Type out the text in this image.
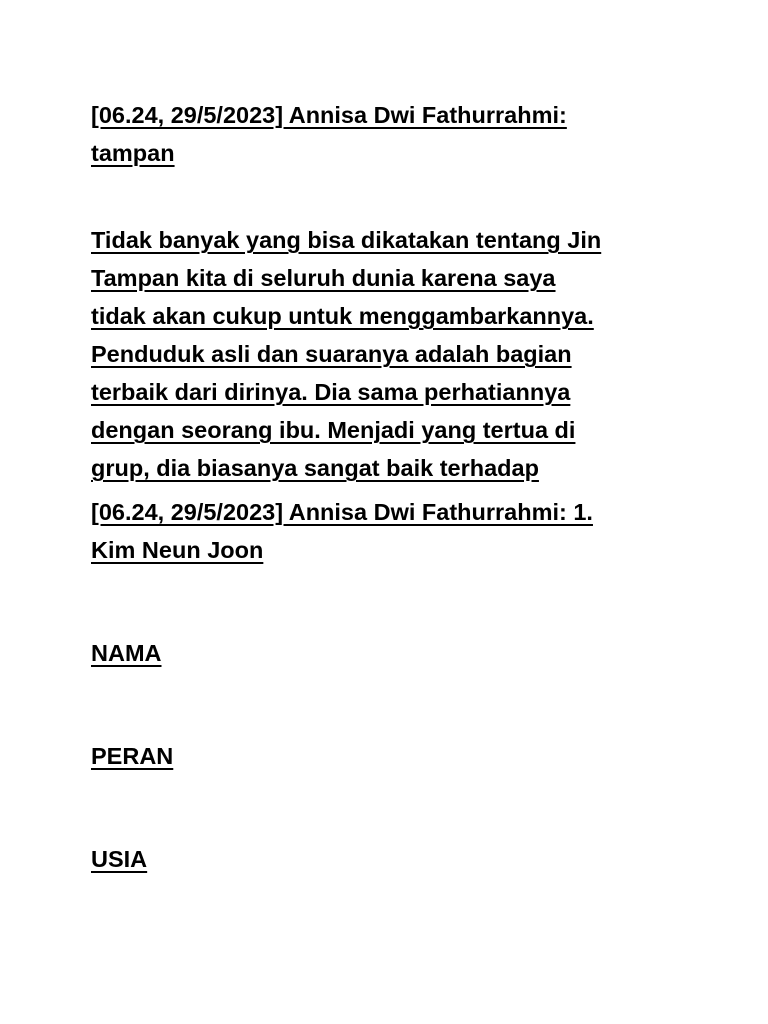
[06.24, 29/5/2023] Annisa Dwi Fathurrahmi:
tampan
Tidak banyak yang bisa dikatakan tentang Jin
Tampan kita di seluruh dunia karena saya
tidak akan cukup untuk menggambarkannya.
Penduduk asli dan suaranya adalah bagian
terbaik dari dirinya. Dia sama perhatiannya
dengan seorang ibu. Menjadi yang tertua di
grup, dia biasanya sangat baik terhadap
[06.24, 29/5/2023] Annisa Dwi Fathurrahmi: 1.
Kim Neun Joon
NAMA
PERAN
USIA
